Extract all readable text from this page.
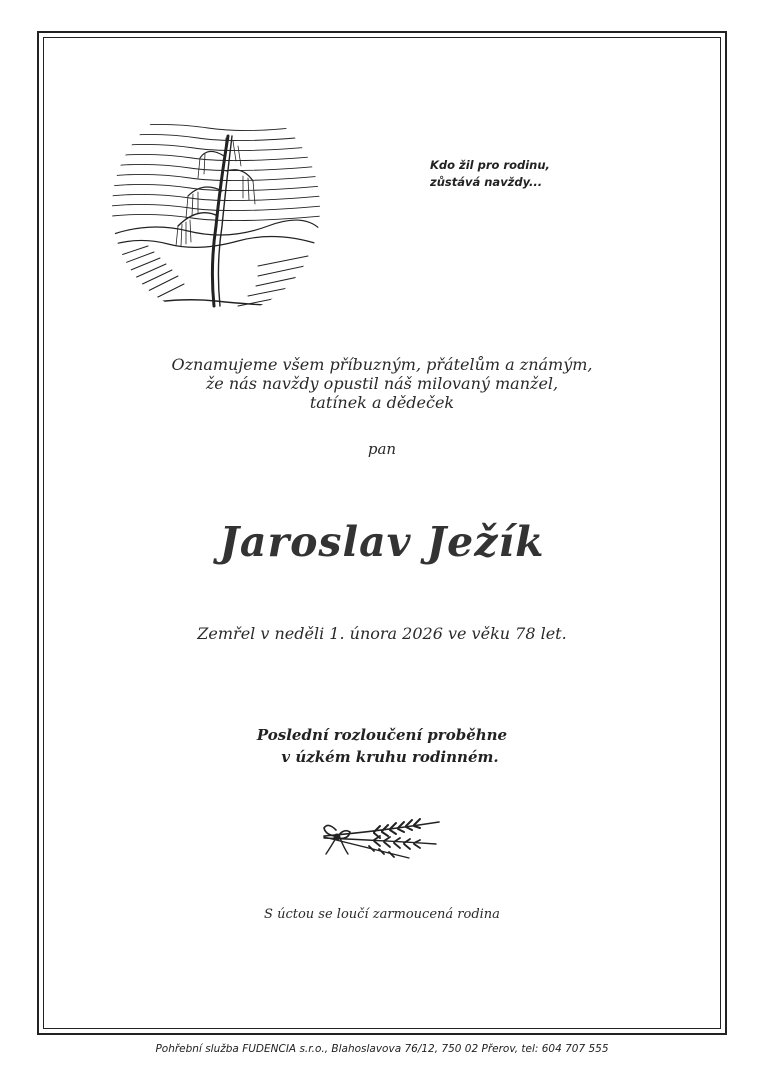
Kdo žil pro rodinu,
zůstává navždy...
Oznamujeme všem příbuzným, přátelům a známým,
že nás navždy opustil náš milovaný manžel,
tatínek a dědeček
pan
Jaroslav Ježík
Zemřel v neděli 1. února 2026 ve věku 78 let.
Poslední rozloučení proběhne
v úzkém kruhu rodinném.
S úctou se loučí zarmoucená rodina
Pohřební služba FUDENCIA s.r.o., Blahoslavova 76/12, 750 02 Přerov, tel: 604 707 555
